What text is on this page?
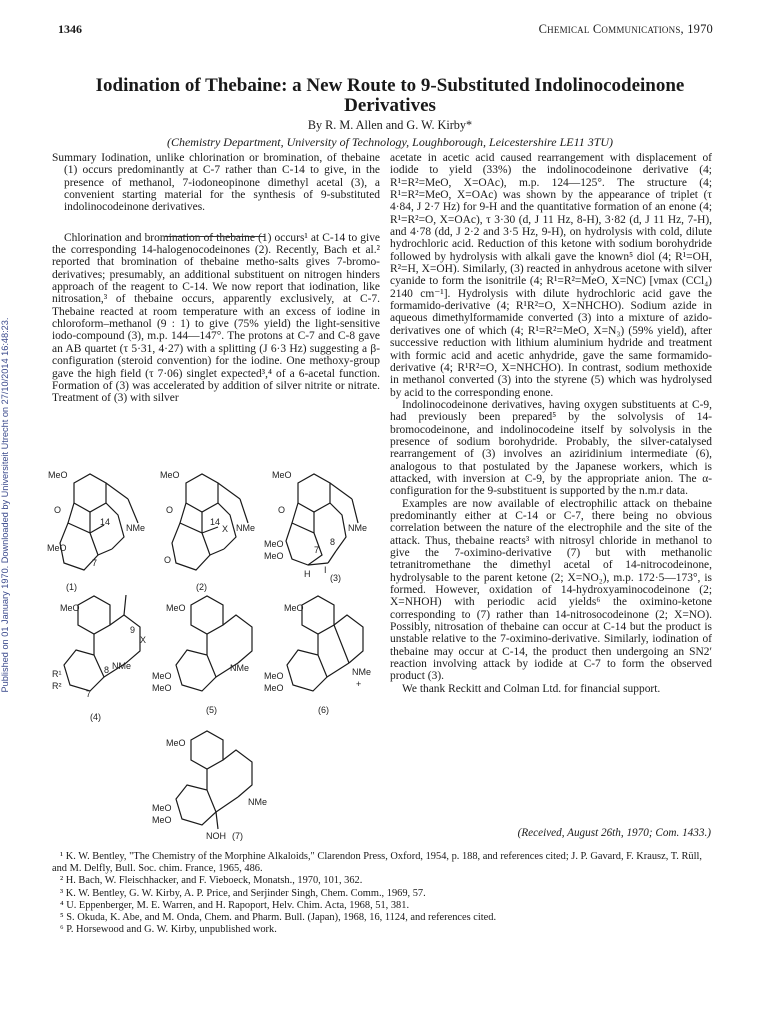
Published on 01 January 1970. Downloaded by Universiteit Utrecht on 27/10/2014 16:48:23.
1346	Chemical Communications, 1970
Iodination of Thebaine: a New Route to 9-Substituted Indolinocodeinone
Derivatives
By R. M. Allen and G. W. Kirby*
(Chemistry Department, University of Technology, Loughborough, Leicestershire LE11 3TU)

Summary Iodination, unlike chlorination or bromination, of thebaine (1) occurs predominantly at C-7 rather than C-14 to give, in the presence of methanol, 7-iodoneopinone dimethyl acetal (3), a convenient starting material for the synthesis of 9-substituted indolinocodeinone derivatives.

Chlorination and bromination of thebaine (1) occurs¹ at C-14 to give the corresponding 14-halogenocodeinones (2). Recently, Bach et al.² reported that bromination of thebaine metho-salts gives 7-bromo-derivatives; presumably, an additional substituent on nitrogen hinders approach of the reagent to C-14. We now report that iodination, like nitrosation,³ of thebaine occurs, apparently exclusively, at C-7. Thebaine reacted at room temperature with an excess of iodine in chloroform–methanol (9 : 1) to give (75% yield) the light-sensitive iodo-compound (3), m.p. 144—147°. The protons at C-7 and C-8 gave an AB quartet (τ 5·31, 4·27) with a splitting (J 6·3 Hz) suggesting a β-configuration (steroid convention) for the iodine. One methoxy-group gave the high field (τ 7·06) singlet expected³,⁴ of a 6-acetal function. Formation of (3) was accelerated by addition of silver nitrite or nitrate. Treatment of (3) with silver

acetate in acetic acid caused rearrangement with displacement of iodide to yield (33%) the indolinocodeinone derivative (4; R¹=R²=MeO, X=OAc), m.p. 124—125°. The structure (4; R¹=R²=MeO, X=OAc) was shown by the appearance of triplet (τ 4·84, J 2·7 Hz) for 9-H and the quantitative formation of an enone (4; R¹=R²=O, X=OAc), τ 3·30 (d, J 11 Hz, 8-H), 3·82 (d, J 11 Hz, 7-H), and 4·78 (dd, J 2·2 and 3·5 Hz, 9-H), on hydrolysis with cold, dilute hydrochloric acid. Reduction of this ketone with sodium borohydride followed by hydrolysis with alkali gave the known⁵ diol (4; R¹=OH, R²=H, X=OH). Similarly, (3) reacted in anhydrous acetone with silver cyanide to form the isonitrile (4; R¹=R²=MeO, X=NC) [νmax (CCl₄) 2140 cm⁻¹]. Hydrolysis with dilute hydrochloric acid gave the formamido-derivative (4; R¹R²=O, X=NHCHO). Sodium azide in aqueous dimethylformamide converted (3) into a mixture of azido-derivatives one of which (4; R¹=R²=MeO, X=N₃) (59% yield), after successive reduction with lithium aluminium hydride and treatment with formic acid and acetic anhydride, gave the same formamido-derivative (4; R¹R²=O, X=NHCHO). In contrast, sodium methoxide in methanol converted (3) into the styrene (5) which was hydrolysed by acid to the corresponding enone.

Indolinocodeinone derivatives, having oxygen substituents at C-9, had previously been prepared⁵ by the solvolysis of 14-bromocodeinone, and indolinocodeine itself by solvolysis in the presence of sodium borohydride. Probably, the silver-catalysed rearrangement of (3) involves an aziridinium intermediate (6), analogous to that postulated by the Japanese workers, which is attacked, with inversion at C-9, by the appropriate anion. The α-configuration for the 9-substituent is supported by the n.m.r data.

Examples are now available of electrophilic attack on thebaine predominantly either at C-14 or C-7, there being no obvious correlation between the nature of the electrophile and the site of the attack. Thus, thebaine reacts³ with nitrosyl chloride in methanol to give the 7-oximino-derivative (7) but with methanolic tetranitromethane the dimethyl acetal of 14-nitrocodeinone, hydrolysable to the parent ketone (2; X=NO₂), m.p. 172·5—173°, is formed. However, oxidation of 14-hydroxyaminocodeinone (2; X=NHOH) with periodic acid yields⁶ the oximino-ketone corresponding to (7) rather than 14-nitrosocodeinone (2; X=NO). Possibly, nitrosation of thebaine can occur at C-14 but the product is unstable relative to the 7-oximino-derivative. Similarly, iodination of thebaine may occur at C-14, the product then undergoing an SN2′ reaction involving attack by iodide at C-7 to form the observed product (3).

We thank Reckitt and Colman Ltd. for financial support.

MeO
MeO
NMe
O
14
7
(1)
MeO
NMe
X
O
O
14
(2)
MeO
NMe
O
MeO
MeO
I
H
7
8
(3)
MeO
X
NMe
R¹
R²
9
8
7
(4)
MeO
NMe
MeO
MeO
(5)
MeO
NMe
+
MeO
MeO
(6)
MeO
NMe
MeO
MeO
NOH (7)	(Received, August 26th, 1970; Com. 1433.)

¹ K. W. Bentley, "The Chemistry of the Morphine Alkaloids," Clarendon Press, Oxford, 1954, p. 188, and references cited; J. P. Gavard, F. Krausz, T. Rüll, and M. Delfly, Bull. Soc. chim. France, 1965, 486.

² H. Bach, W. Fleischhacker, and F. Vieboeck, Monatsh., 1970, 101, 362.

³ K. W. Bentley, G. W. Kirby, A. P. Price, and Serjinder Singh, Chem. Comm., 1969, 57.

⁴ U. Eppenberger, M. E. Warren, and H. Rapoport, Helv. Chim. Acta, 1968, 51, 381.

⁵ S. Okuda, K. Abe, and M. Onda, Chem. and Pharm. Bull. (Japan), 1968, 16, 1124, and references cited.

⁶ P. Horsewood and G. W. Kirby, unpublished work.
